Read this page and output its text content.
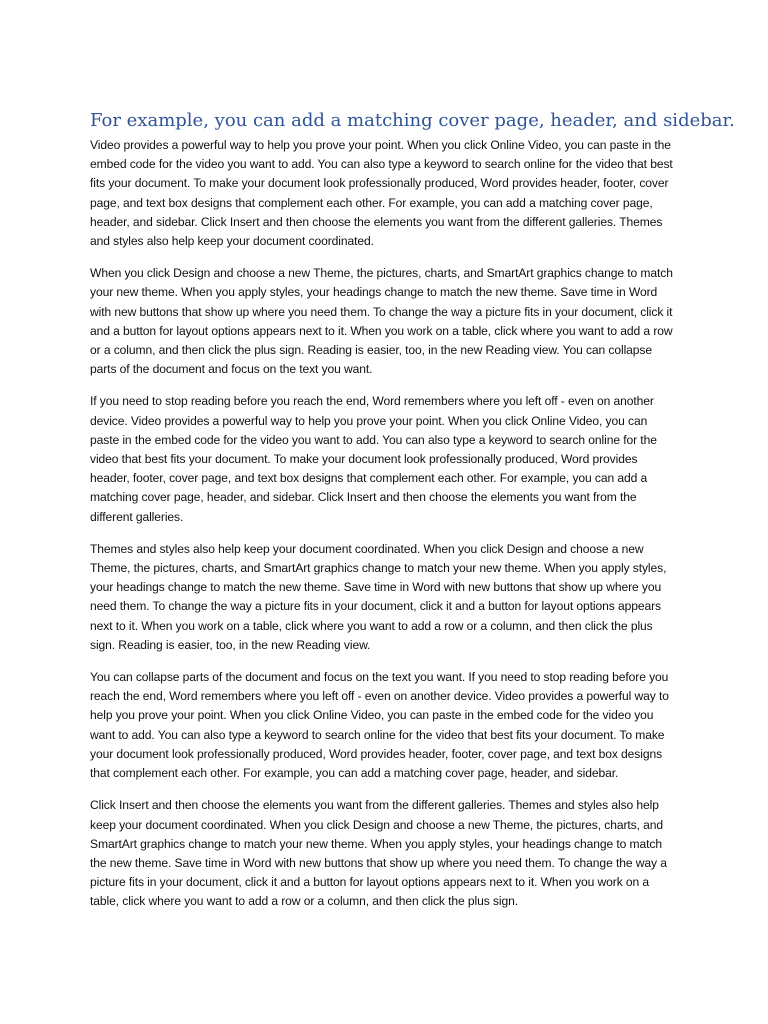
For example, you can add a matching cover page, header, and sidebar.

Video provides a powerful way to help you prove your point. When you click Online Video, you can paste in the embed code for the video you want to add. You can also type a keyword to search online for the video that best fits your document. To make your document look professionally produced, Word provides header, footer, cover page, and text box designs that complement each other. For example, you can add a matching cover page, header, and sidebar. Click Insert and then choose the elements you want from the different galleries. Themes and styles also help keep your document coordinated.

When you click Design and choose a new Theme, the pictures, charts, and SmartArt graphics change to match your new theme. When you apply styles, your headings change to match the new theme. Save time in Word with new buttons that show up where you need them. To change the way a picture fits in your document, click it and a button for layout options appears next to it. When you work on a table, click where you want to add a row or a column, and then click the plus sign. Reading is easier, too, in the new Reading view. You can collapse parts of the document and focus on the text you want.

If you need to stop reading before you reach the end, Word remembers where you left off - even on another device. Video provides a powerful way to help you prove your point. When you click Online Video, you can paste in the embed code for the video you want to add. You can also type a keyword to search online for the video that best fits your document. To make your document look professionally produced, Word provides header, footer, cover page, and text box designs that complement each other. For example, you can add a matching cover page, header, and sidebar. Click Insert and then choose the elements you want from the different galleries.

Themes and styles also help keep your document coordinated. When you click Design and choose a new Theme, the pictures, charts, and SmartArt graphics change to match your new theme. When you apply styles, your headings change to match the new theme. Save time in Word with new buttons that show up where you need them. To change the way a picture fits in your document, click it and a button for layout options appears next to it. When you work on a table, click where you want to add a row or a column, and then click the plus sign. Reading is easier, too, in the new Reading view.

You can collapse parts of the document and focus on the text you want. If you need to stop reading before you reach the end, Word remembers where you left off - even on another device. Video provides a powerful way to help you prove your point. When you click Online Video, you can paste in the embed code for the video you want to add. You can also type a keyword to search online for the video that best fits your document. To make your document look professionally produced, Word provides header, footer, cover page, and text box designs that complement each other. For example, you can add a matching cover page, header, and sidebar.

Click Insert and then choose the elements you want from the different galleries. Themes and styles also help keep your document coordinated. When you click Design and choose a new Theme, the pictures, charts, and SmartArt graphics change to match your new theme. When you apply styles, your headings change to match the new theme. Save time in Word with new buttons that show up where you need them. To change the way a picture fits in your document, click it and a button for layout options appears next to it. When you work on a table, click where you want to add a row or a column, and then click the plus sign.
